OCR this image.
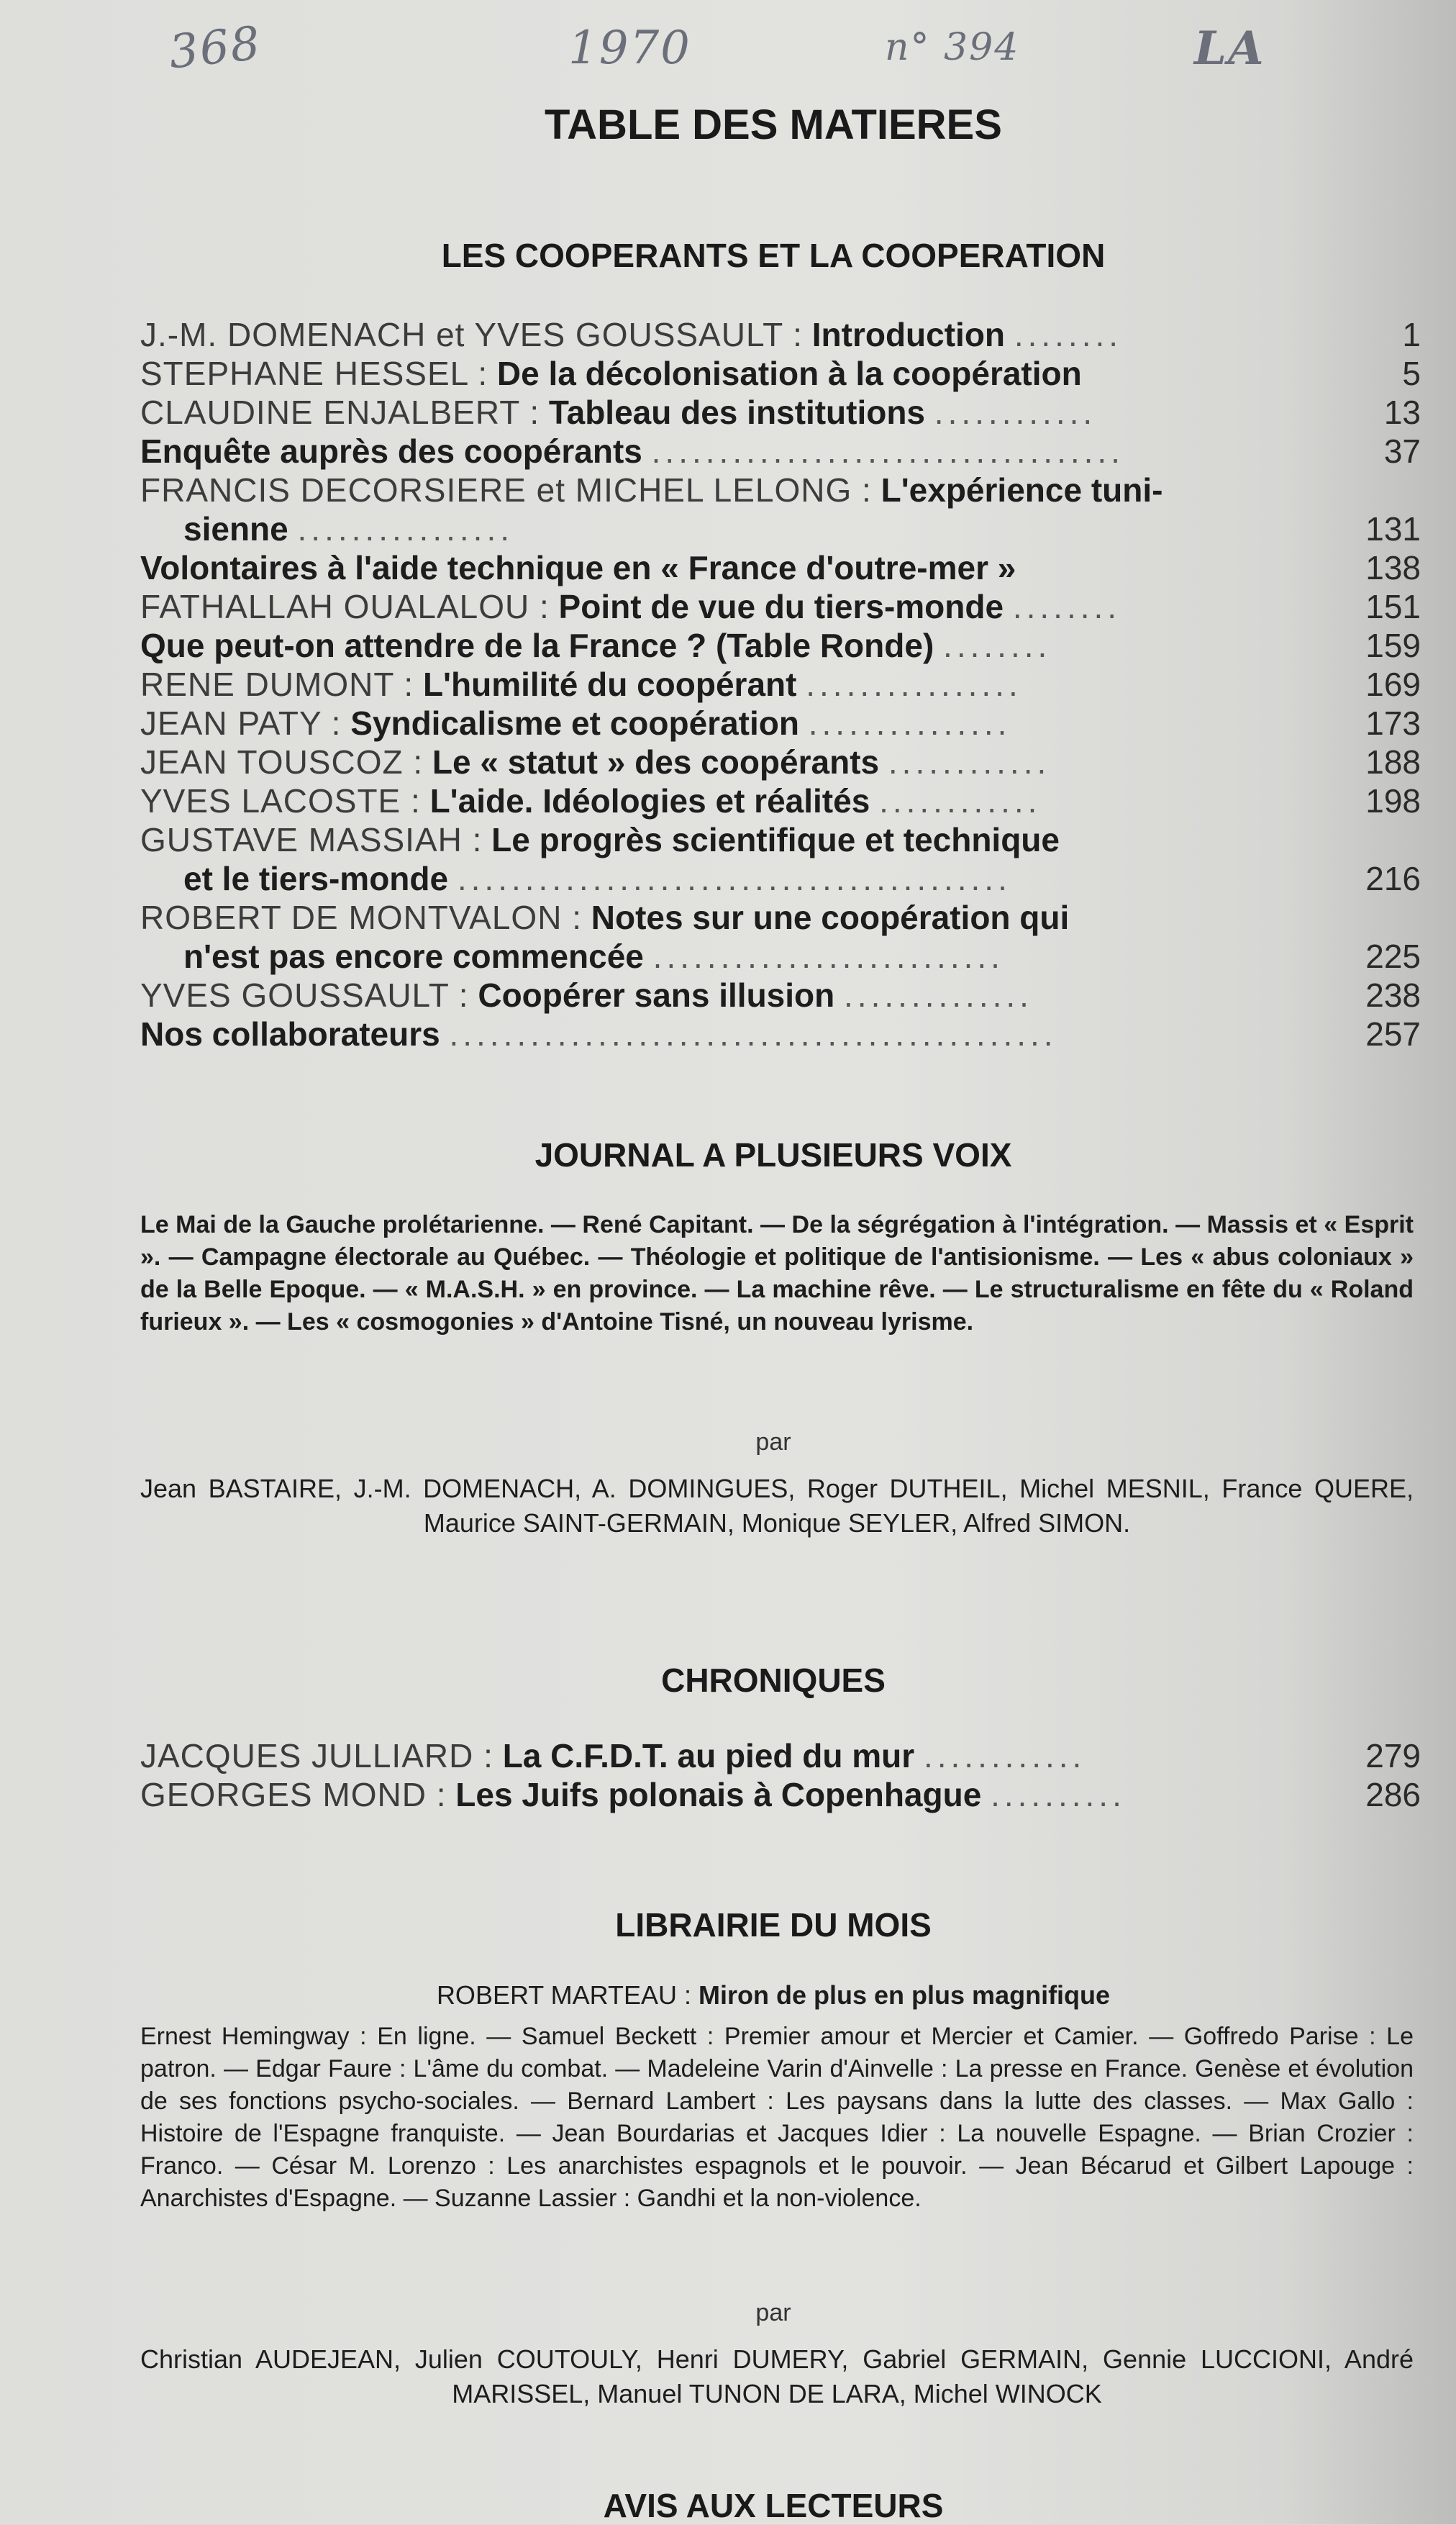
368	1970	n° 394	LA
TABLE DES MATIERES
LES COOPERANTS ET LA COOPERATION
J.-M. DOMENACH et YVES GOUSSAULT : Introduction ........	1
STEPHANE HESSEL : De la décolonisation à la coopération	5
CLAUDINE ENJALBERT : Tableau des institutions ............	13
Enquête auprès des coopérants ...................................	37
FRANCIS DECORSIERE et MICHEL LELONG : L'expérience tuni-
sienne ................	131
Volontaires à l'aide technique en « France d'outre-mer »	138
FATHALLAH OUALALOU : Point de vue du tiers-monde ........	151
Que peut-on attendre de la France ? (Table Ronde) ........	159
RENE DUMONT : L'humilité du coopérant ................	169
JEAN PATY : Syndicalisme et coopération ...............	173
JEAN TOUSCOZ : Le « statut » des coopérants ............	188
YVES LACOSTE : L'aide. Idéologies et réalités ............	198
GUSTAVE MASSIAH : Le progrès scientifique et technique
et le tiers-monde .........................................	216
ROBERT DE MONTVALON : Notes sur une coopération qui
n'est pas encore commencée ..........................	225
YVES GOUSSAULT : Coopérer sans illusion ..............	238
Nos collaborateurs .............................................	257
JOURNAL A PLUSIEURS VOIX
Le Mai de la Gauche prolétarienne. — René Capitant. — De la ségrégation à l'intégration. — Massis et « Esprit ». — Campagne électorale au Québec. — Théologie et politique de l'antisionisme. — Les « abus coloniaux » de la Belle Epoque. — « M.A.S.H. » en province. — La machine rêve. — Le structuralisme en fête du « Roland furieux ». — Les « cosmogonies » d'Antoine Tisné, un nouveau lyrisme.
par
Jean BASTAIRE, J.-M. DOMENACH, A. DOMINGUES, Roger DUTHEIL, Michel MESNIL, France QUERE, Maurice SAINT-GERMAIN, Monique SEYLER, Alfred SIMON.
CHRONIQUES
JACQUES JULLIARD : La C.F.D.T. au pied du mur ............	279
GEORGES MOND : Les Juifs polonais à Copenhague ..........	286
LIBRAIRIE DU MOIS
ROBERT MARTEAU : Miron de plus en plus magnifique
Ernest Hemingway : En ligne. — Samuel Beckett : Premier amour et Mercier et Camier. — Goffredo Parise : Le patron. — Edgar Faure : L'âme du combat. — Madeleine Varin d'Ainvelle : La presse en France. Genèse et évolution de ses fonctions psycho-sociales. — Bernard Lambert : Les paysans dans la lutte des classes. — Max Gallo : Histoire de l'Espagne franquiste. — Jean Bourdarias et Jacques Idier : La nouvelle Espagne. — Brian Crozier : Franco. — César M. Lorenzo : Les anarchistes espagnols et le pouvoir. — Jean Bécarud et Gilbert Lapouge : Anarchistes d'Espagne. — Suzanne Lassier : Gandhi et la non-violence.
par
Christian AUDEJEAN, Julien COUTOULY, Henri DUMERY, Gabriel GERMAIN, Gennie LUCCIONI, André MARISSEL, Manuel TUNON DE LARA, Michel WINOCK
AVIS AUX LECTEURS
